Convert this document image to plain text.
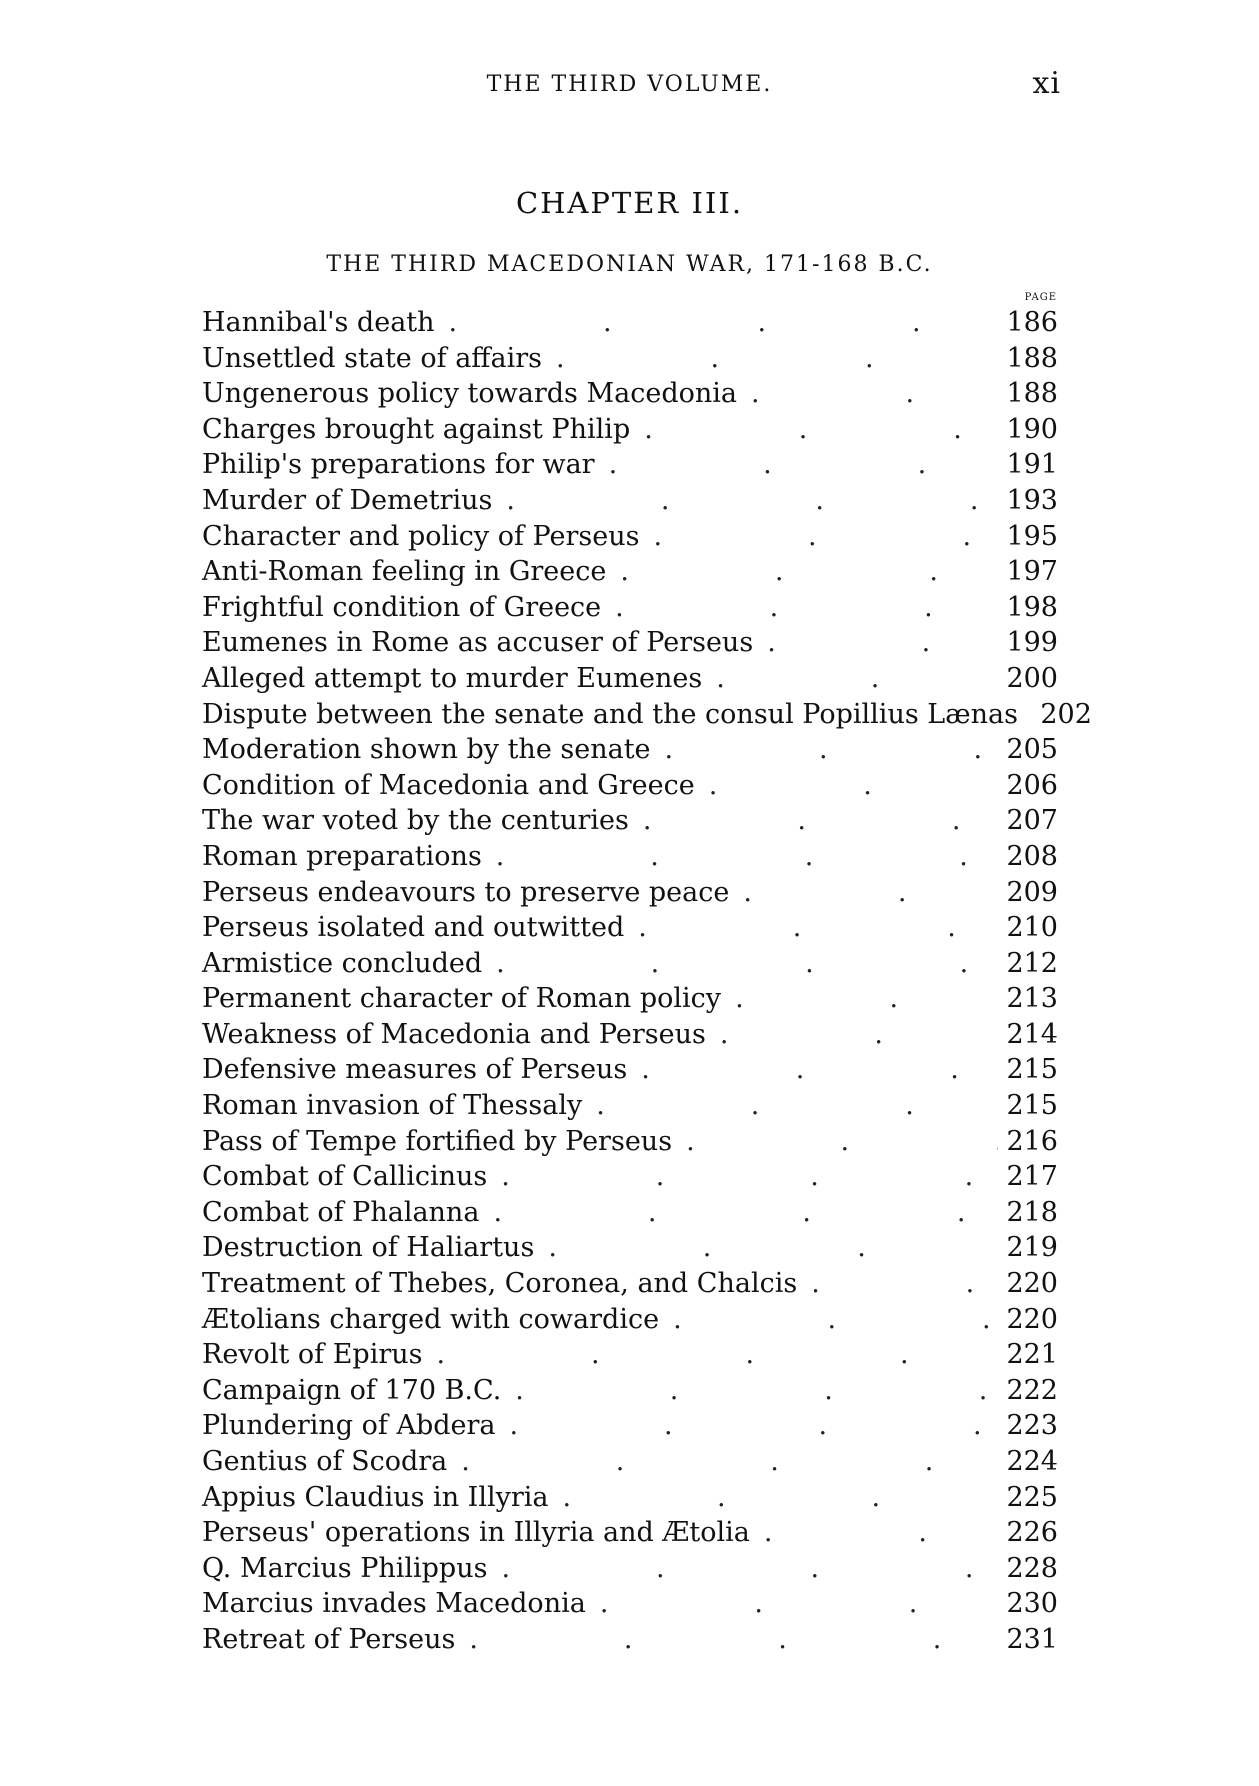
THE THIRD VOLUME.	xi
CHAPTER III.
THE THIRD MACEDONIAN WAR, 171-168 B.C.
PAGE
Hannibal's death .	186
Unsettled state of affairs .	188
Ungenerous policy towards Macedonia .	188
Charges brought against Philip .	190
Philip's preparations for war .	191
Murder of Demetrius .	193
Character and policy of Perseus .	195
Anti-Roman feeling in Greece .	197
Frightful condition of Greece .	198
Eumenes in Rome as accuser of Perseus .	199
Alleged attempt to murder Eumenes .	200
Dispute between the senate and the consul Popillius Lænas . 202
Moderation shown by the senate .	205
Condition of Macedonia and Greece .	206
The war voted by the centuries .	207
Roman preparations .	208
Perseus endeavours to preserve peace .	209
Perseus isolated and outwitted .	210
Armistice concluded .	212
Permanent character of Roman policy .	213
Weakness of Macedonia and Perseus .	214
Defensive measures of Perseus .	215
Roman invasion of Thessaly .	215
Pass of Tempe fortified by Perseus .	216
Combat of Callicinus .	217
Combat of Phalanna .	218
Destruction of Haliartus .	219
Treatment of Thebes, Coronea, and Chalcis .	220
Ætolians charged with cowardice .	220
Revolt of Epirus .	221
Campaign of 170 B.C. .	222
Plundering of Abdera .	223
Gentius of Scodra .	224
Appius Claudius in Illyria .	225
Perseus' operations in Illyria and Ætolia .	226
Q. Marcius Philippus .	228
Marcius invades Macedonia .	230
Retreat of Perseus .	231
